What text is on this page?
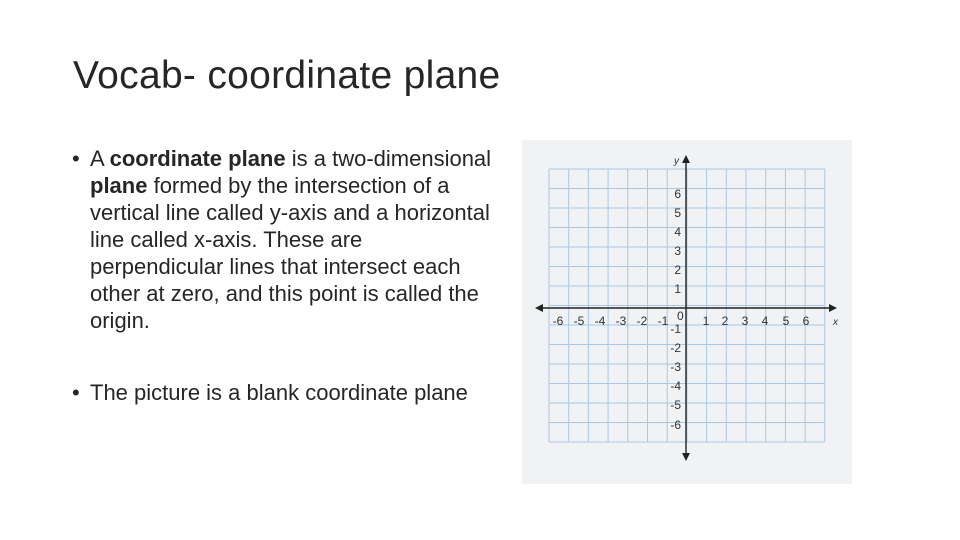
Vocab- coordinate plane
• A coordinate plane is a two-dimensional plane formed by the intersection of a vertical line called y-axis and a horizontal line called x-axis. These are perpendicular lines that intersect each other at zero, and this point is called the origin.
• The picture is a blank coordinate plane
x
y
0
-6 -5 -4 -3 -2 -1	1 2 3 4 5 6
6
5
4
3
2
1
-1
-2
-3
-4
-5
-6
